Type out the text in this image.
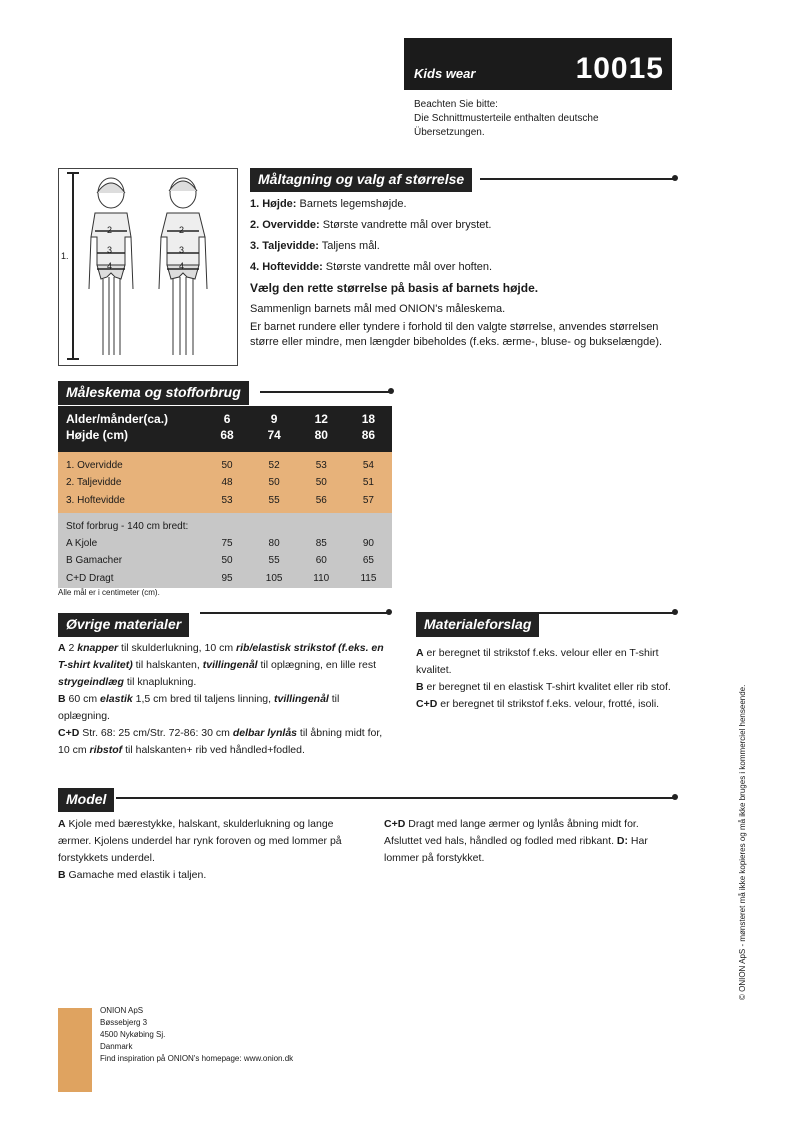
Kids wear	10015
Beachten Sie bitte:
Die Schnittmusterteile enthalten deutsche
Übersetzungen.
1.
2
3
4
2
3
4
Måltagning og valg af størrelse
1. Højde: Barnets legemshøjde.
2. Overvidde: Største vandrette mål over brystet.
3. Taljevidde: Taljens mål.
4. Hoftevidde: Største vandrette mål over hoften.
Vælg den rette størrelse på basis af barnets højde.
Sammenlign barnets mål med ONION's måleskema.
Er barnet rundere eller tyndere i forhold til den valgte størrelse, anvendes størrelsen større eller mindre, men længder bibeholdes (f.eks. ærme-, bluse- og bukselængde).
Måleskema og stofforbrug
Alder/månder(ca.)	6	9	12	18
Højde (cm)	68	74	80	86
1. Overvidde	50	52	53	54
2. Taljevidde	48	50	50	51
3. Hoftevidde	53	55	56	57
Stof forbrug - 140 cm bredt:				
A Kjole	75	80	85	90
B Gamacher	50	55	60	65
C+D Dragt	95	105	110	115
Alle mål er i centimeter (cm).
Øvrige materialer
A 2 knapper til skulderlukning, 10 cm rib/elastisk strikstof (f.eks. en T-shirt kvalitet) til halskanten, tvillingenål til oplægning, en lille rest strygeindlæg til knaplukning.
B 60 cm elastik 1,5 cm bred til taljens linning, tvillingenål til oplægning.
C+D Str. 68: 25 cm/Str. 72-86: 30 cm delbar lynlås til åbning midt for, 10 cm ribstof til halskanten+ rib ved håndled+fodled.
Materialeforslag
A er beregnet til strikstof f.eks. velour eller en T-shirt kvalitet.
B er beregnet til en elastisk T-shirt kvalitet eller rib stof.
C+D er beregnet til strikstof f.eks. velour, frotté, isoli.
Model
A Kjole med bærestykke, halskant, skulderlukning og lange ærmer. Kjolens underdel har rynk foroven og med lommer på forstykkets underdel.
B Gamache med elastik i taljen.
C+D Dragt med lange ærmer og lynlås åbning midt for. Afsluttet ved hals, håndled og fodled med ribkant. D: Har lommer på forstykket.
ONION ApS
Bøssebjerg 3
4500 Nykøbing Sj.
Danmark
Find inspiration på ONION's homepage: www.onion.dk
© ONION ApS - mønsteret må ikke kopieres og må ikke bruges i kommerciel henseende.
